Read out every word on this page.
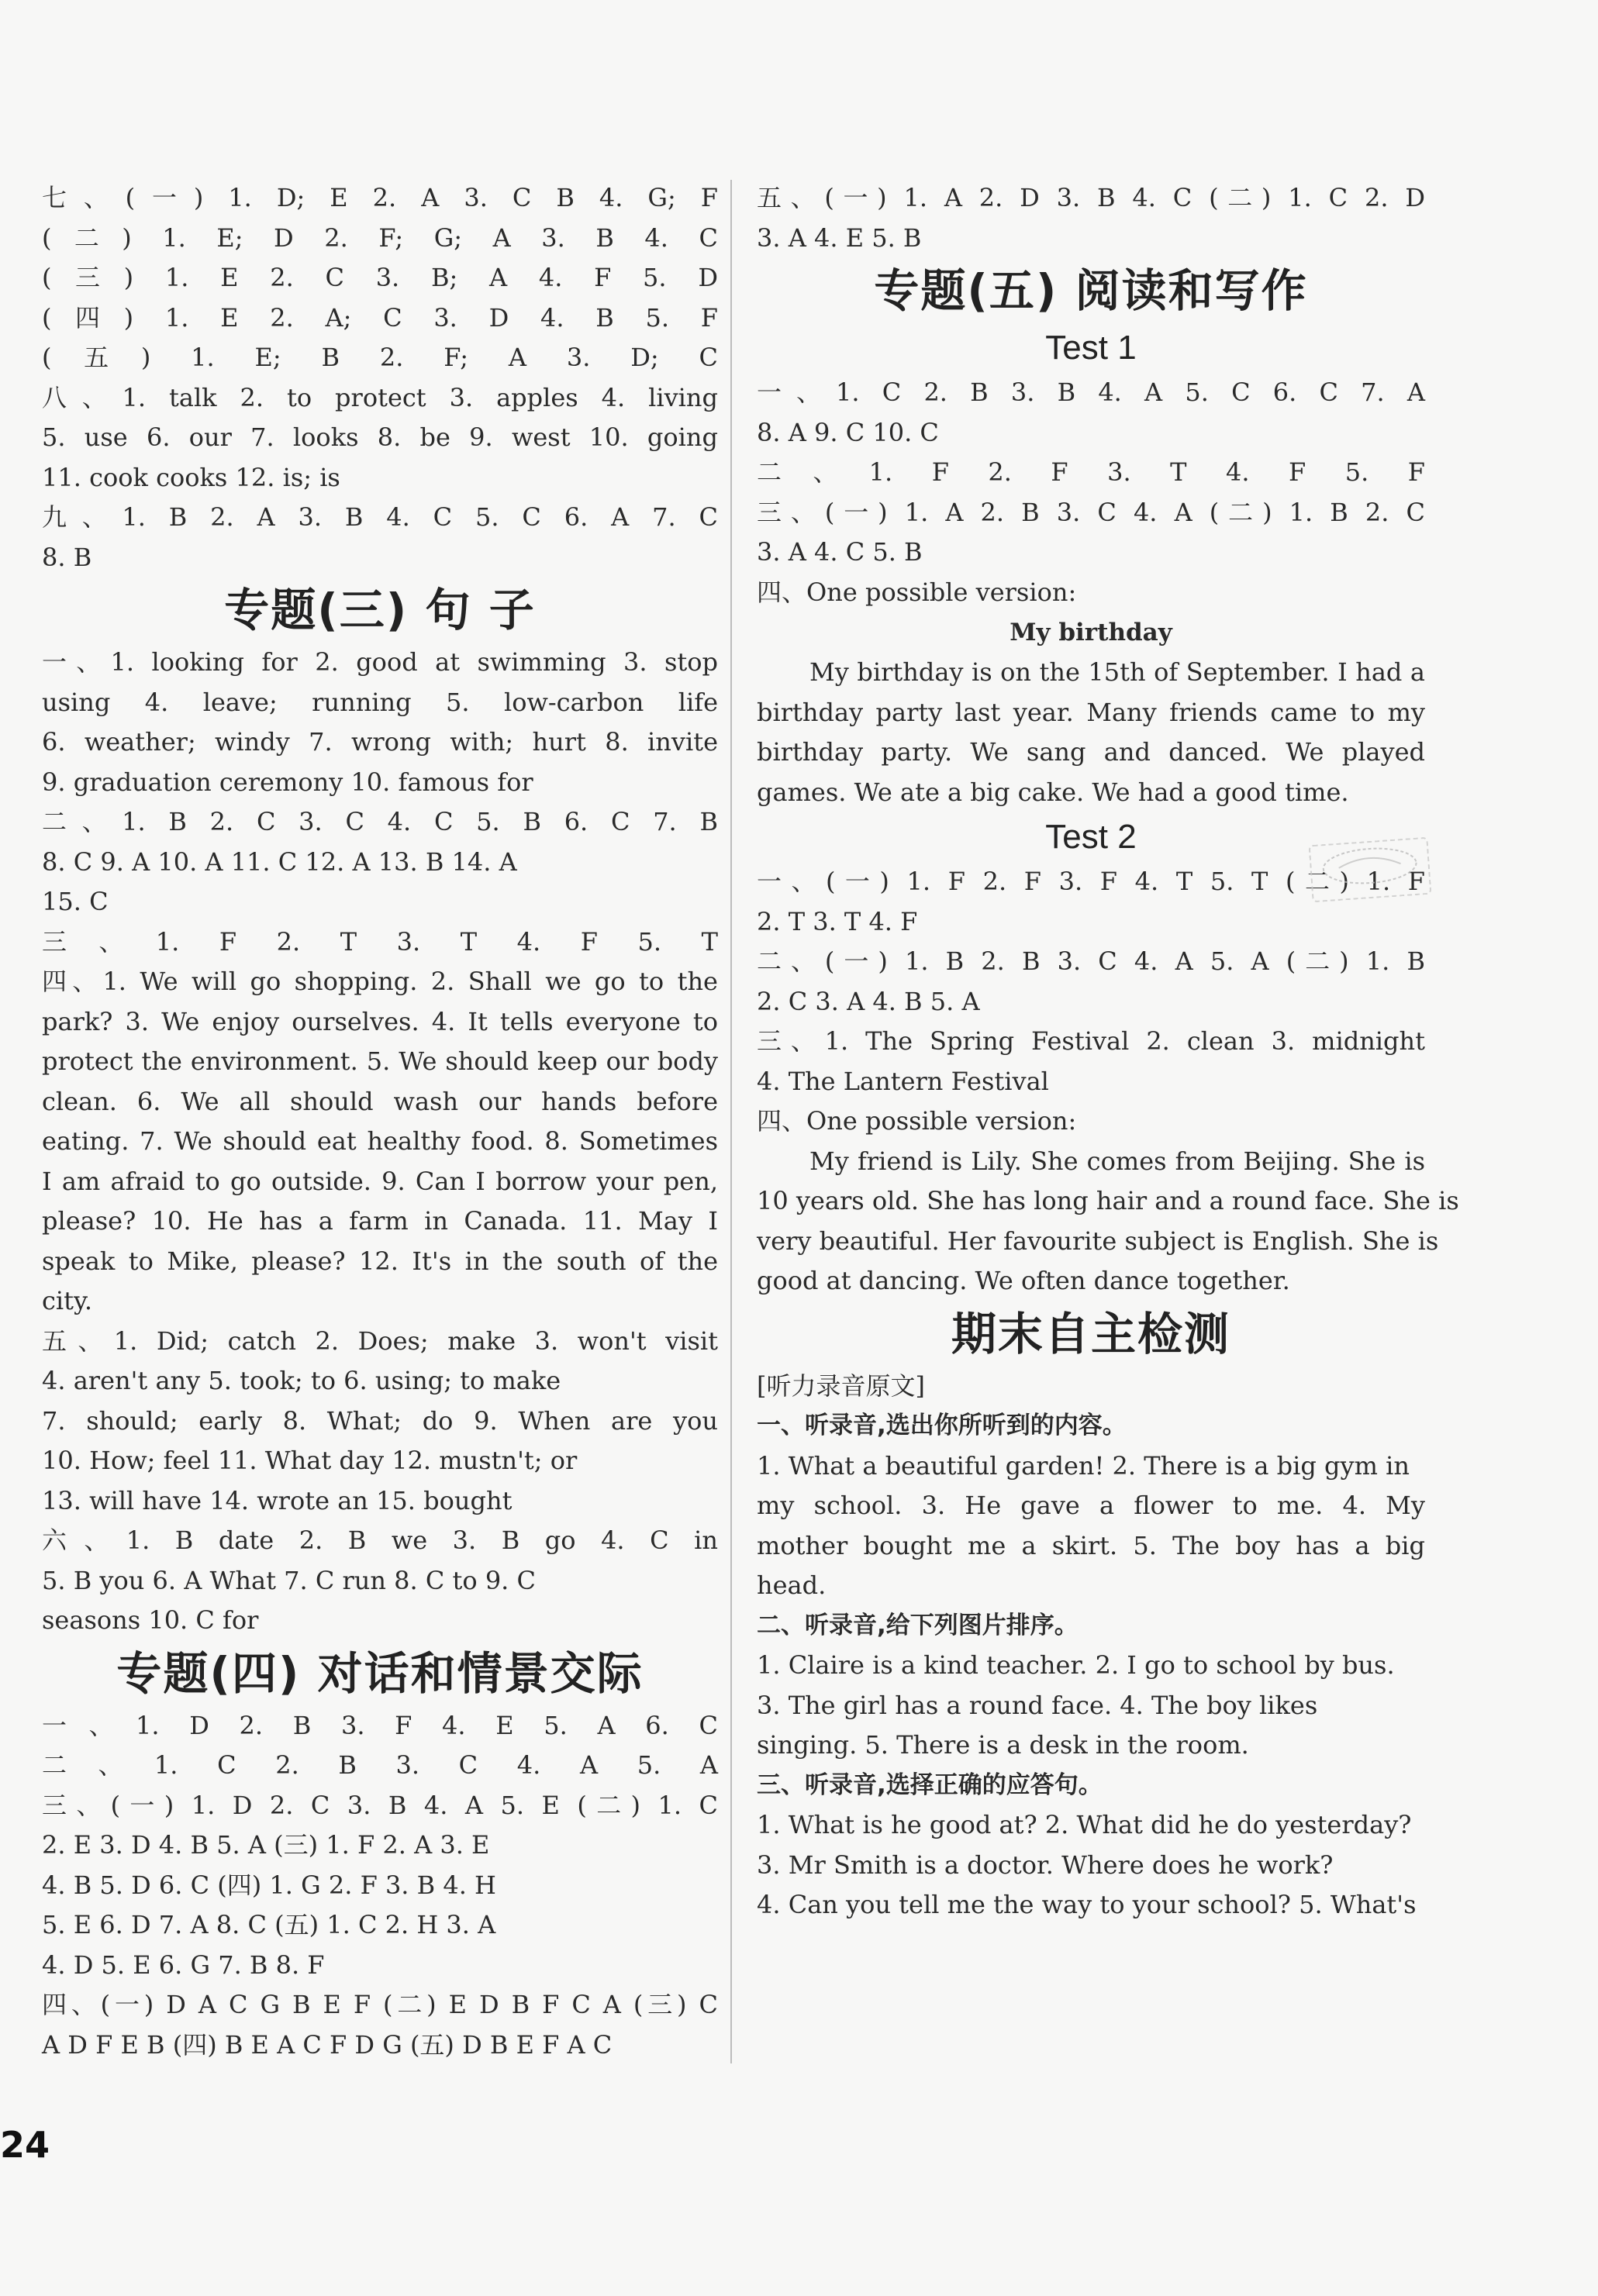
七、(一) 1. D; E 2. A 3. C B 4. G; F
(二) 1. E; D 2. F; G; A 3. B 4. C
(三) 1. E 2. C 3. B; A 4. F 5. D
(四) 1. E 2. A; C 3. D 4. B 5. F
(五) 1. E; B 2. F; A 3. D; C
八、1. talk 2. to protect 3. apples 4. living
5. use 6. our 7. looks 8. be 9. west 10. going
11. cook cooks 12. is; is
九、1. B 2. A 3. B 4. C 5. C 6. A 7. C
8. B
专题(三) 句 子
一、1. looking for 2. good at swimming 3. stop
using 4. leave; running 5. low-carbon life
6. weather; windy 7. wrong with; hurt 8. invite
9. graduation ceremony 10. famous for
二、1. B 2. C 3. C 4. C 5. B 6. C 7. B
8. C 9. A 10. A 11. C 12. A 13. B 14. A
15. C
三、1. F 2. T 3. T 4. F 5. T
四、1. We will go shopping. 2. Shall we go to the
park? 3. We enjoy ourselves. 4. It tells everyone to
protect the environment. 5. We should keep our body
clean. 6. We all should wash our hands before
eating. 7. We should eat healthy food. 8. Sometimes
I am afraid to go outside. 9. Can I borrow your pen,
please? 10. He has a farm in Canada. 11. May I
speak to Mike, please? 12. It's in the south of the
city.
五、1. Did; catch 2. Does; make 3. won't visit
4. aren't any 5. took; to 6. using; to make
7. should; early 8. What; do 9. When are you
10. How; feel 11. What day 12. mustn't; or
13. will have 14. wrote an 15. bought
六、1. B date 2. B we 3. B go 4. C in
5. B you 6. A What 7. C run 8. C to 9. C
seasons 10. C for
专题(四) 对话和情景交际
一、1. D 2. B 3. F 4. E 5. A 6. C
二、1. C 2. B 3. C 4. A 5. A
三、(一) 1. D 2. C 3. B 4. A 5. E (二) 1. C
2. E 3. D 4. B 5. A (三) 1. F 2. A 3. E
4. B 5. D 6. C (四) 1. G 2. F 3. B 4. H
5. E 6. D 7. A 8. C (五) 1. C 2. H 3. A
4. D 5. E 6. G 7. B 8. F
四、(一) D A C G B E F (二) E D B F C A (三) C
A D F E B (四) B E A C F D G (五) D B E F A C
五、(一) 1. A 2. D 3. B 4. C (二) 1. C 2. D
3. A 4. E 5. B
专题(五) 阅读和写作
Test 1
一、1. C 2. B 3. B 4. A 5. C 6. C 7. A
8. A 9. C 10. C
二、1. F 2. F 3. T 4. F 5. F
三、(一) 1. A 2. B 3. C 4. A (二) 1. B 2. C
3. A 4. C 5. B
四、One possible version:
My birthday
My birthday is on the 15th of September. I had a
birthday party last year. Many friends came to my
birthday party. We sang and danced. We played
games. We ate a big cake. We had a good time.
Test 2
一、(一) 1. F 2. F 3. F 4. T 5. T (二) 1. F
2. T 3. T 4. F
二、(一) 1. B 2. B 3. C 4. A 5. A (二) 1. B
2. C 3. A 4. B 5. A
三、1. The Spring Festival 2. clean 3. midnight
4. The Lantern Festival
四、One possible version:
My friend is Lily. She comes from Beijing. She is
10 years old. She has long hair and a round face. She is
very beautiful. Her favourite subject is English. She is
good at dancing. We often dance together.
期末自主检测
[听力录音原文]
一、听录音,选出你所听到的内容。
1. What a beautiful garden! 2. There is a big gym in
my school. 3. He gave a flower to me. 4. My
mother bought me a skirt. 5. The boy has a big
head.
二、听录音,给下列图片排序。
1. Claire is a kind teacher. 2. I go to school by bus.
3. The girl has a round face. 4. The boy likes
singing. 5. There is a desk in the room.
三、听录音,选择正确的应答句。
1. What is he good at? 2. What did he do yesterday?
3. Mr Smith is a doctor. Where does he work?
4. Can you tell me the way to your school? 5. What's
24
